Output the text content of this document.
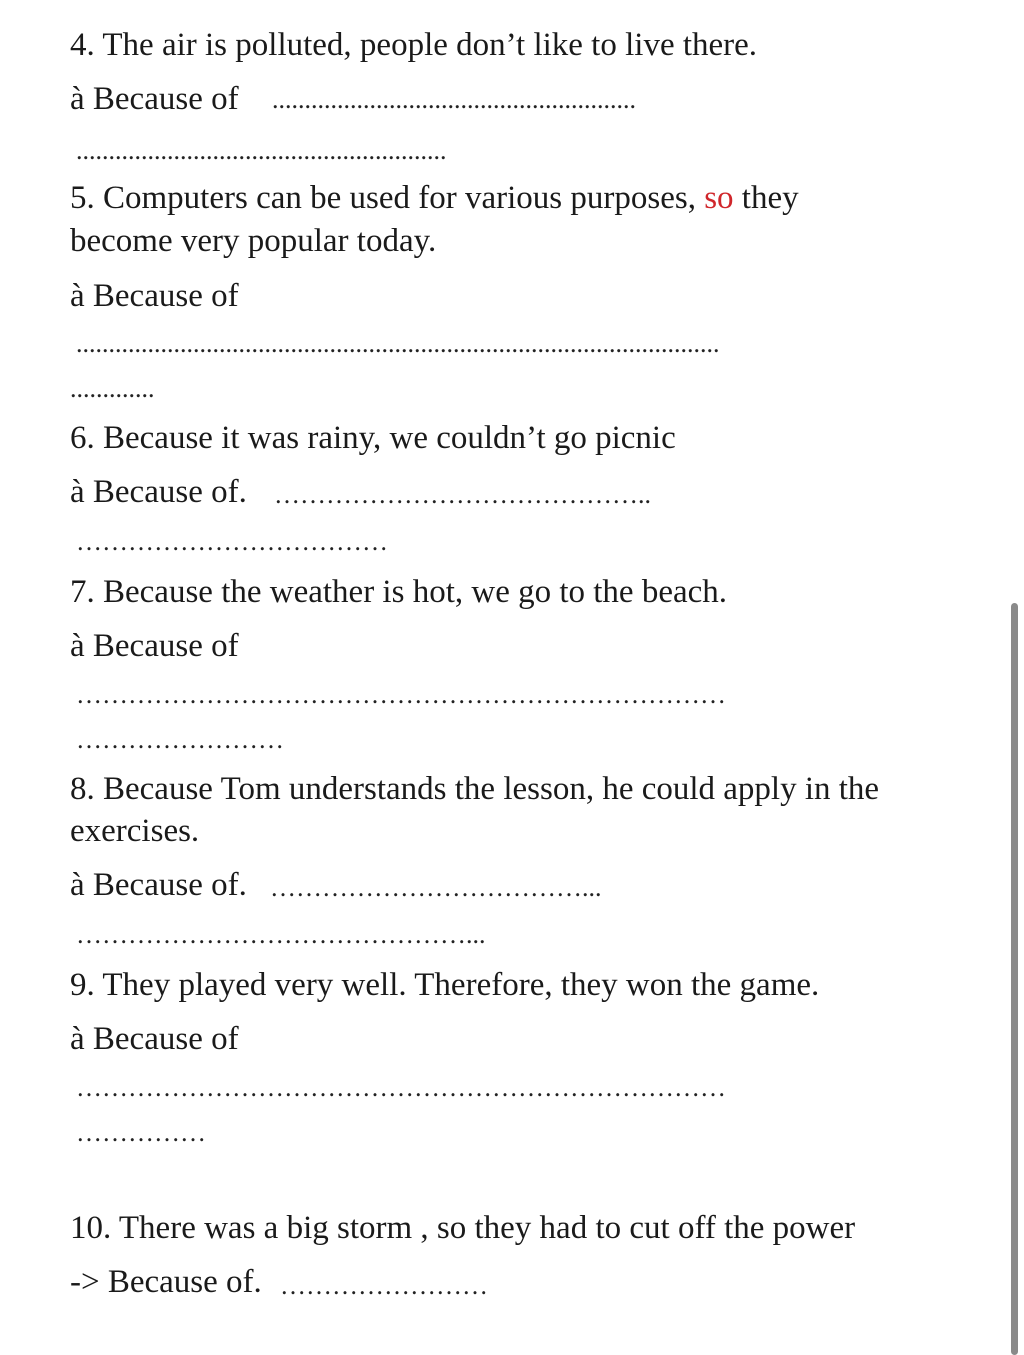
4. The air is polluted, people don’t like to live there.
à Because of ........................................................
.........................................................
5. Computers can be used for various purposes, so they
become very popular today.
à Because of
...................................................................................................
.............
6. Because it was rainy, we couldn’t go picnic
à Because of. ……………………………………..
………………………………
7. Because the weather is hot, we go to the beach.
à Because of
…………………………………………………………………
……………………
8. Because Tom understands the lesson, he could apply in the
exercises.
à Because of. ………………………………...
………………………………………...
9. They played very well. Therefore, they won the game.
à Because of
…………………………………………………………………
……………
10. There was a big storm , so they had to cut off the power
-> Because of. ……………………
